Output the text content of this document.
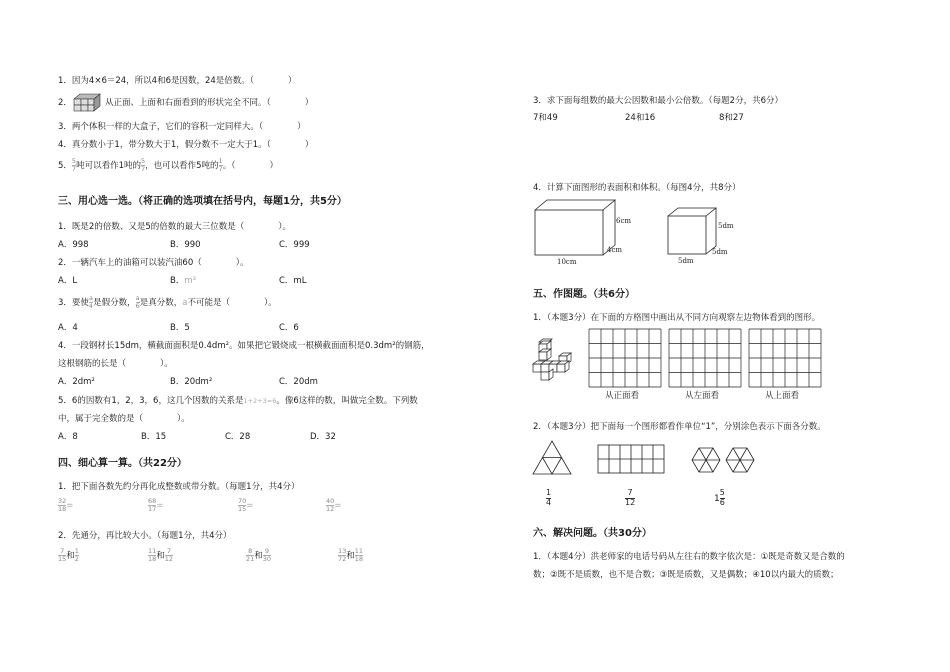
1．因为4×6＝24，所以4和6是因数，24是倍数。（　　　　）
2．	从正面、上面和右面看到的形状完全不同。（　　　　）
3．两个体积一样的大盒子，它们的容积一定同样大。（　　　　）
4．真分数小于1，带分数大于1，假分数不一定大于1。（　　　　）
5．$\frac{5}{7}$ 吨可以看作1吨的$\frac{5}{7}$ ，也可以看作5吨的$\frac{1}{7}$ 。（　　　　）
三、用心选一选。（将正确的选项填在括号内，每题1分，共5分）
1．既是2的倍数、又是5的倍数的最大三位数是（　　　　）。
A．998	B．990	C．999
2．一辆汽车上的油箱可以装汽油60（　　　　）。
A．L	B．m³	C．mL
3．要使$\frac{a}{4}$ 是假分数，$\frac{a}{6}$ 是真分数，a不可能是（　　　　）。
A．4	B．5	C．6
4．一段钢材长15dm，横截面面积是0.4dm²。如果把它锻烧成一根横截面面积是0.3dm²的钢筋，
这根钢筋的长是（　　　　）。
A．2dm²	B．20dm²	C．20dm
5．6的因数有1，2，3，6，这几个因数的关系是1+2+3=6。像6这样的数，叫做完全数。下列数
中，属于完全数的是（　　　　）。
A．8	B．15	C．28	D．32
四、细心算一算。（共22分）
1．把下面各数先约分再化成整数或带分数。（每题1分，共4分）
$\frac{32}{18}$ =	$\frac{68}{17}$ =	$\frac{70}{15}$ =	$\frac{40}{12}$ =
2．先通分，再比较大小。（每题1分，共4分）
$\frac{7}{15}$ 和$\frac{1}{2}$	$\frac{11}{18}$ 和$\frac{7}{12}$	$\frac{8}{21}$ 和$\frac{9}{30}$	$\frac{13}{72}$ 和$\frac{11}{18}$
3．求下面每组数的最大公因数和最小公倍数。（每题2分，共6分）
7和49	24和16	8和27
4．计算下面图形的表面积和体积。（每图4分，共8分）
6cm
4cm
10cm
5dm
5dm
5dm
五、作图题。（共6分）
1．（本题3分）在下面的方格图中画出从不同方向观察左边物体看到的图形。
从正面看	从左面看	从上面看
2．（本题3分）把下面每一个图形都看作单位“1”，分别涂色表示下面各分数。
$\frac{1}{4}$	$\frac{7}{12}$	$1\frac{5}{6}$
六、解决问题。（共30分）
1．（本题4分）洪老师家的电话号码从左往右的数字依次是：①既是奇数又是合数的
数；②既不是质数，也不是合数；③既是质数，又是偶数；④10以内最大的质数；
